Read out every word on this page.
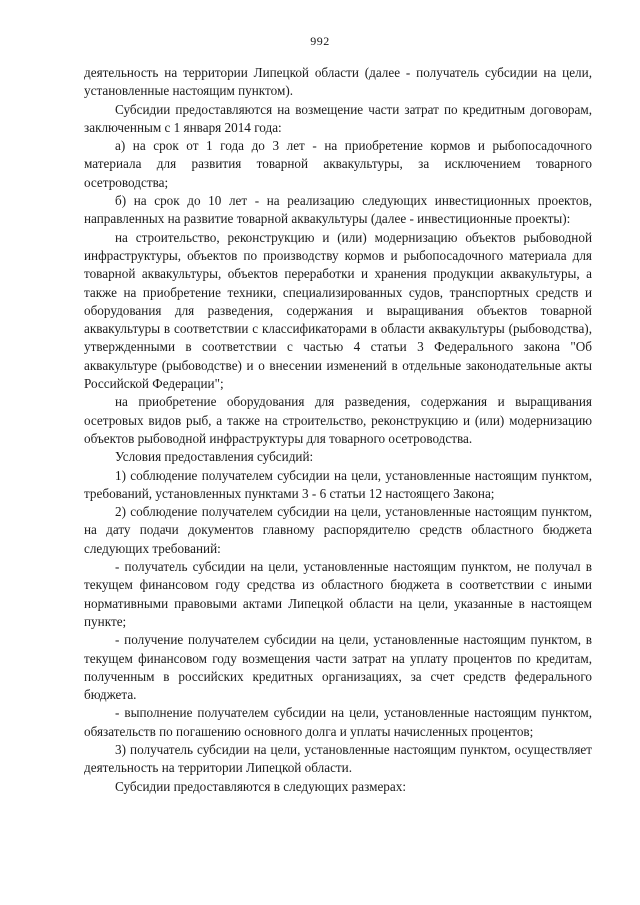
992

деятельность на территории Липецкой области (далее - получатель субсидии на цели, установленные настоящим пунктом).

Субсидии предоставляются на возмещение части затрат по кредитным договорам, заключенным с 1 января 2014 года:

а) на срок от 1 года до 3 лет - на приобретение кормов и рыбопосадочного материала для развития товарной аквакультуры, за исключением товарного осетроводства;

б) на срок до 10 лет - на реализацию следующих инвестиционных проектов, направленных на развитие товарной аквакультуры (далее - инвестиционные проекты):

на строительство, реконструкцию и (или) модернизацию объектов рыбоводной инфраструктуры, объектов по производству кормов и рыбопосадочного материала для товарной аквакультуры, объектов переработки и хранения продукции аквакультуры, а также на приобретение техники, специализированных судов, транспортных средств и оборудования для разведения, содержания и выращивания объектов товарной аквакультуры в соответствии с классификаторами в области аквакультуры (рыбоводства), утвержденными в соответствии с частью 4 статьи 3 Федерального закона "Об аквакультуре (рыбоводстве) и о внесении изменений в отдельные законодательные акты Российской Федерации";

на приобретение оборудования для разведения, содержания и выращивания осетровых видов рыб, а также на строительство, реконструкцию и (или) модернизацию объектов рыбоводной инфраструктуры для товарного осетроводства.

Условия предоставления субсидий:

1) соблюдение получателем субсидии на цели, установленные настоящим пунктом, требований, установленных пунктами 3 - 6 статьи 12 настоящего Закона;

2) соблюдение получателем субсидии на цели, установленные настоящим пунктом, на дату подачи документов главному распорядителю средств областного бюджета следующих требований:

- получатель субсидии на цели, установленные настоящим пунктом, не получал в текущем финансовом году средства из областного бюджета в соответствии с иными нормативными правовыми актами Липецкой области на цели, указанные в настоящем пункте;

- получение получателем субсидии на цели, установленные настоящим пунктом, в текущем финансовом году возмещения части затрат на уплату процентов по кредитам, полученным в российских кредитных организациях, за счет средств федерального бюджета.

- выполнение получателем субсидии на цели, установленные настоящим пунктом, обязательств по погашению основного долга и уплаты начисленных процентов;

3) получатель субсидии на цели, установленные настоящим пунктом, осуществляет деятельность на территории Липецкой области.

Субсидии предоставляются в следующих размерах:
